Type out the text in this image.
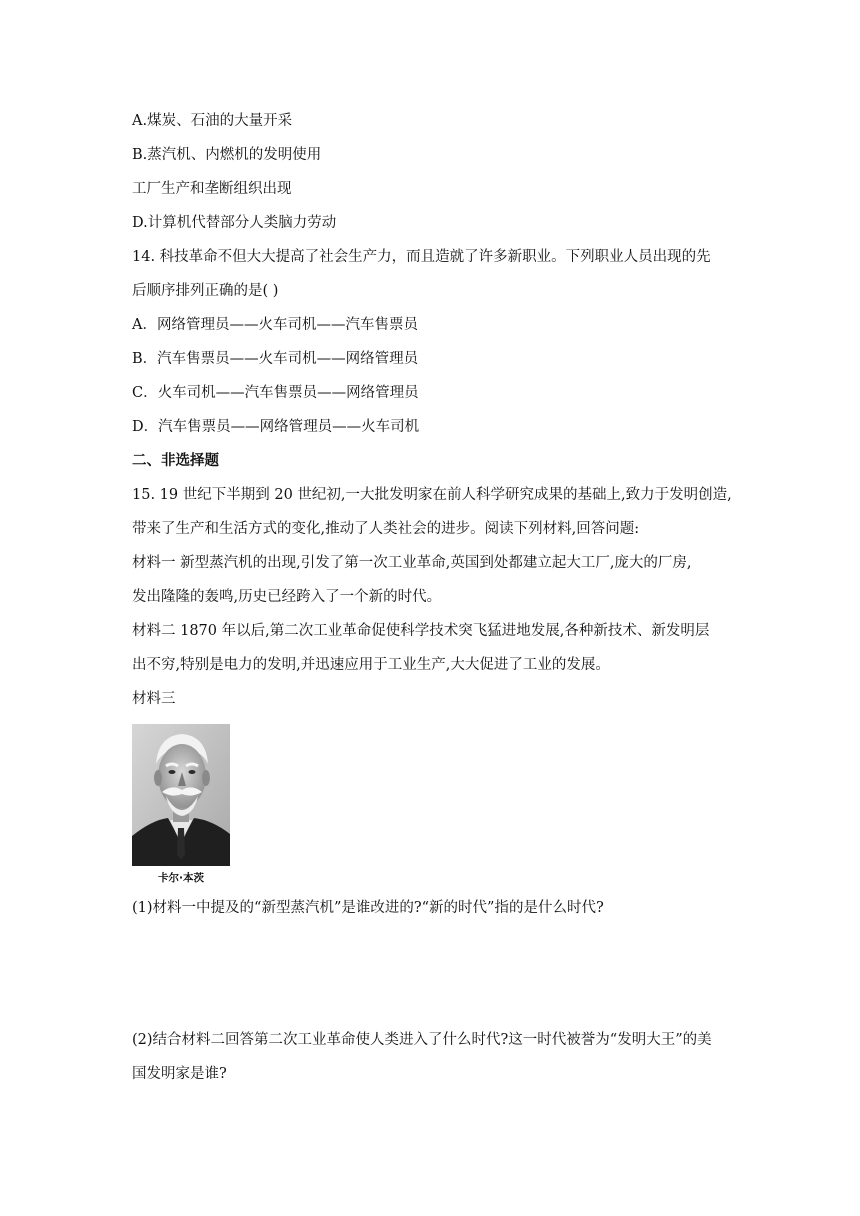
A.煤炭、石油的大量开采
B.蒸汽机、内燃机的发明使用
工厂生产和垄断组织出现
D.计算机代替部分人类脑力劳动
14. 科技革命不但大大提高了社会生产力，而且造就了许多新职业。下列职业人员出现的先
后顺序排列正确的是( )
A．网络管理员——火车司机——汽车售票员
B．汽车售票员——火车司机——网络管理员
C．火车司机——汽车售票员——网络管理员
D．汽车售票员——网络管理员——火车司机
二、非选择题
15. 19 世纪下半期到 20 世纪初,一大批发明家在前人科学研究成果的基础上,致力于发明创造,
带来了生产和生活方式的变化,推动了人类社会的进步。阅读下列材料,回答问题:
材料一 新型蒸汽机的出现,引发了第一次工业革命,英国到处都建立起大工厂,庞大的厂房,
发出隆隆的轰鸣,历史已经跨入了一个新的时代。
材料二 1870 年以后,第二次工业革命促使科学技术突飞猛进地发展,各种新技术、新发明层
出不穷,特别是电力的发明,并迅速应用于工业生产,大大促进了工业的发展。
材料三
卡尔·本茨
(1)材料一中提及的“新型蒸汽机”是谁改进的?“新的时代”指的是什么时代?
(2)结合材料二回答第二次工业革命使人类进入了什么时代?这一时代被誉为“发明大王”的美
国发明家是谁?
